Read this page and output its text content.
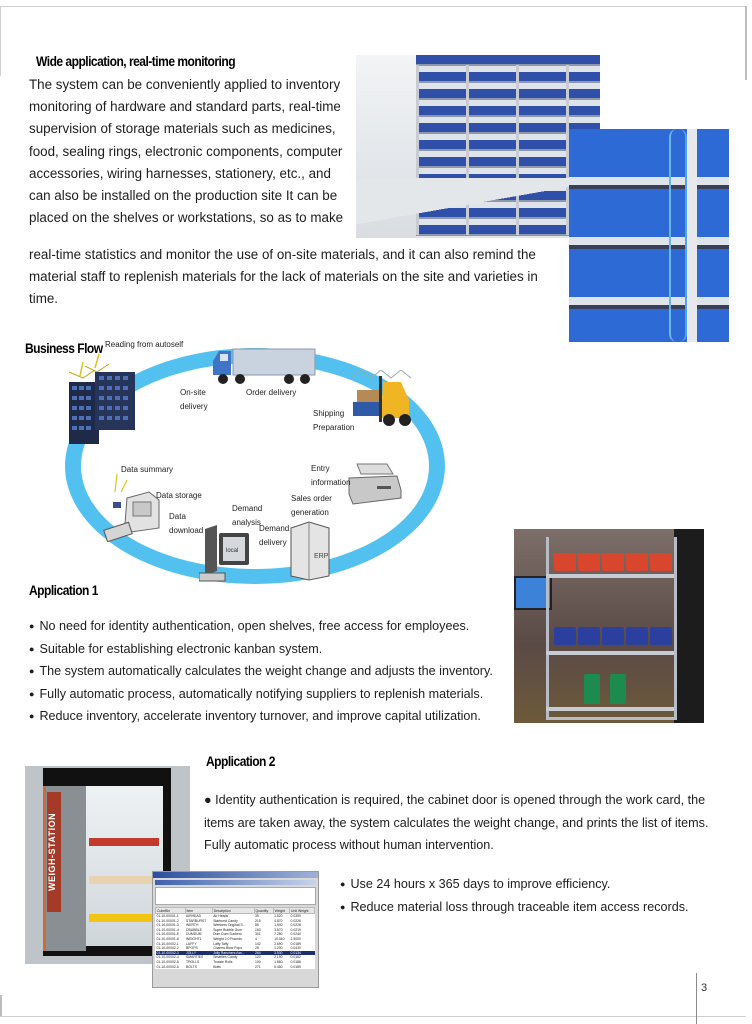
3
Wide application, real-time monitoring
The system can be conveniently applied to inventory
monitoring of hardware and standard parts, real-time
supervision of storage materials such as medicines,
food, sealing rings, electronic components, computer
accessories, wiring harnesses, stationery, etc., and
can also be installed on the production site It can be
placed on the shelves or workstations, so as to make
real-time statistics and monitor the use of on-site materials, and it can also remind the
material staff to replenish materials for the lack of materials on the site and varieties in
time.
Business Flow
ERP
local
Reading from autoself
On-site
delivery
Order delivery
Shipping
Preparation
Entry
information
Sales order
generation
Demand
delivery
Demand
analysis
Data
download
Data storage
Data summary
Application 1
● No need for identity authentication, open shelves, free access for employees.
● Suitable for establishing electronic kanban system.
● The system automatically calculates the weight change and adjusts the inventory.
● Fully automatic process, automatically notifying suppliers to replenish materials.
● Reduce inventory, accelerate inventory turnover, and improve capital utilization.
Application 2
● Identity authentication is required, the cabinet door is opened through the work card, the
items are taken away, the system calculates the weight change, and prints the list of items.
Fully automatic process without human intervention.
● Use 24 hours x 365 days to improve efficiency.
● Reduce material loss through traceable item access records.
WEIGH-STATION
CubeBin	Item	Description	Quantity	Weight	Unit Weight
01-10-00001-1	AIRHEAD	Air Heads	39	1.520	0.0390
01-10-00001-2	STARBURST	Starburst Candy	215	4.870	0.0226
01-10-00001-3	WERTH	Werthers Original S...	85	1.940	0.0228
01-10-00001-4	DBUBBLE	Super Bubble Gum	163	3.570	0.0219
01-10-00001-5	DUMDUM	Dum Dum Suckers	301	7.280	0.0240
01-10-00001-6	WEIGHT1	Weight 2.0 Pounds	4	10.040	2.5000
01-10-00002-1	LAFFY	Laffy Taffy	142	2.690	0.0189
01-10-00002-2	BPOPS	Charms Blow Pops	28	1.200	0.0430
01-10-00002-3	JOLLY	Jolly Ranchers Ass...	264	3.530	0.0134
01-10-00002-4	SMARTIES	Smarties Candy	120	2.190	0.0182
01-10-00002-5	TROLLS	Tootsie Rolls	100	1.860	0.0186
01-10-00002-6	BOLTS	Bolts	271	5.450	0.0189
